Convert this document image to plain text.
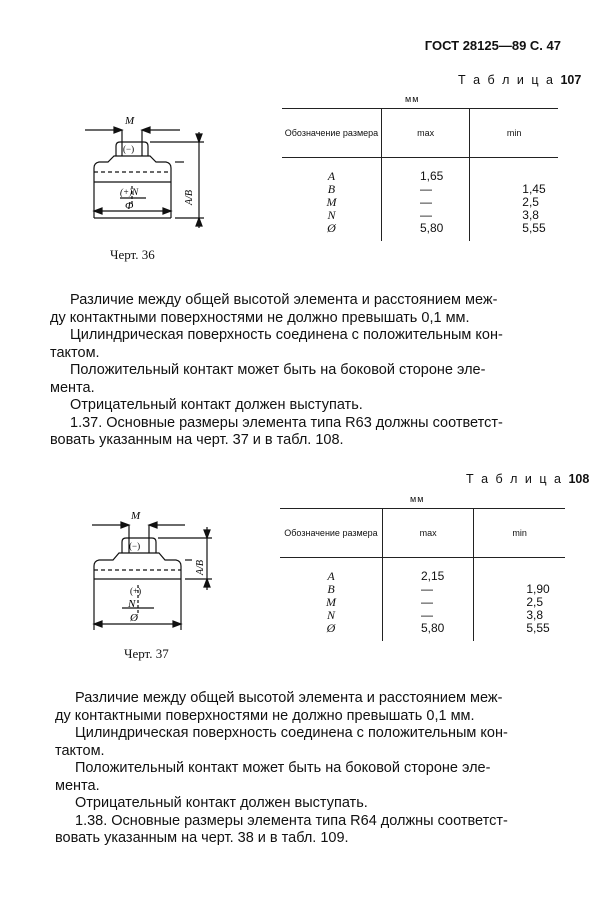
ГОСТ 28125—89 С. 47
Т а б л и ц а 107
мм
Обозначение размера	max	min

A	1,65	
B	—	1,45
M	—	2,5
N	—	3,8
Ø	5,80	5,55

M
(−)
(+)N
Φ
A/B
Черт. 36

Различие между общей высотой элемента и расстоянием меж-
ду контактными поверхностями не должно превышать 0,1 мм.

Цилиндрическая поверхность соединена с положительным кон-
тактом.

Положительный контакт может быть на боковой стороне эле-
мента.

Отрицательный контакт должен выступать.

1.37. Основные размеры элемента типа R63 должны соответст-
вовать указанным на черт. 37 и в табл. 108.

Т а б л и ц а 108
мм
Обозначение размера	max	min

A	2,15	
B	—	1,90
M	—	2,5
N	—	3,8
Ø	5,80	5,55

M
(−)
(+)
N
Ø
A/B
Черт. 37

Различие между общей высотой элемента и расстоянием меж-
ду контактными поверхностями не должно превышать 0,1 мм.

Цилиндрическая поверхность соединена с положительным кон-
тактом.

Положительный контакт может быть на боковой стороне эле-
мента.

Отрицательный контакт должен выступать.

1.38. Основные размеры элемента типа R64 должны соответст-
вовать указанным на черт. 38 и в табл. 109.
